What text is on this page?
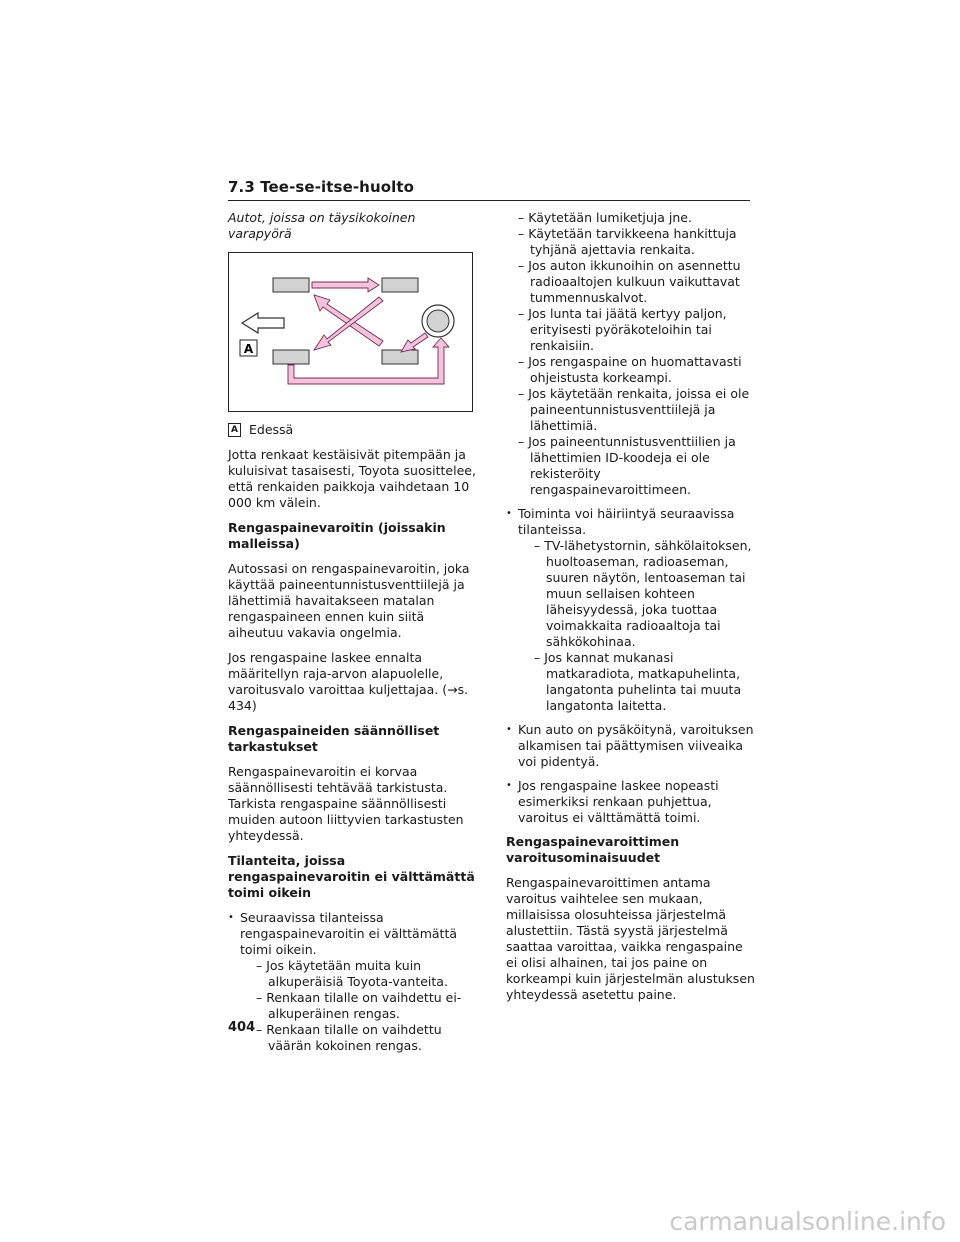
7.3 Tee-se-itse-huolto
Autot, joissa on täysikokoinen varapyörä
A
A Edessä

Jotta renkaat kestäisivät pitempään ja kuluisivat tasaisesti, Toyota suosittelee, että renkaiden paikkoja vaihdetaan 10 000 km välein.

Rengaspainevaroitin (joissakin malleissa)

Autossasi on rengaspainevaroitin, joka käyttää paineentunnistusventtiilejä ja lähettimiä havaitakseen matalan rengaspaineen ennen kuin siitä aiheutuu vakavia ongelmia.

Jos rengaspaine laskee ennalta määritellyn raja-arvon alapuolelle, varoitusvalo varoittaa kuljettajaa. (→s. 434)

Rengaspaineiden säännölliset tarkastukset

Rengaspainevaroitin ei korvaa säännöllisesti tehtävää tarkistusta. Tarkista rengaspaine säännöllisesti muiden autoon liittyvien tarkastusten yhteydessä.

Tilanteita, joissa rengaspainevaroitin ei välttämättä toimi oikein
• Seuraavissa tilanteissa rengaspainevaroitin ei välttämättä toimi oikein.
– Jos käytetään muita kuin alkuperäisiä Toyota-vanteita.
– Renkaan tilalle on vaihdettu ei-alkuperäinen rengas.
– Renkaan tilalle on vaihdettu väärän kokoinen rengas.
– Käytetään lumiketjuja jne.
– Käytetään tarvikkeena hankittuja tyhjänä ajettavia renkaita.
– Jos auton ikkunoihin on asennettu radioaaltojen kulkuun vaikuttavat tummennuskalvot.
– Jos lunta tai jäätä kertyy paljon, erityisesti pyöräkoteloihin tai renkaisiin.
– Jos rengaspaine on huomattavasti ohjeistusta korkeampi.
– Jos käytetään renkaita, joissa ei ole paineentunnistusventtiilejä ja lähettimiä.
– Jos paineentunnistusventtiilien ja lähettimien ID-koodeja ei ole rekisteröity rengaspainevaroittimeen.
• Toiminta voi häiriintyä seuraavissa tilanteissa.
– TV-lähetystornin, sähkölaitoksen, huoltoaseman, radioaseman, suuren näytön, lentoaseman tai muun sellaisen kohteen läheisyydessä, joka tuottaa voimakkaita radioaaltoja tai sähkökohinaa.
– Jos kannat mukanasi matkaradiota, matkapuhelinta, langatonta puhelinta tai muuta langatonta laitetta.
• Kun auto on pysäköitynä, varoituksen alkamisen tai päättymisen viiveaika voi pidentyä.
• Jos rengaspaine laskee nopeasti esimerkiksi renkaan puhjettua, varoitus ei välttämättä toimi.
Rengaspainevaroittimen varoitusominaisuudet

Rengaspainevaroittimen antama varoitus vaihtelee sen mukaan, millaisissa olosuhteissa järjestelmä alustettiin. Tästä syystä järjestelmä saattaa varoittaa, vaikka rengaspaine ei olisi alhainen, tai jos paine on korkeampi kuin järjestelmän alustuksen yhteydessä asetettu paine.

404
carmanualsonline.info
